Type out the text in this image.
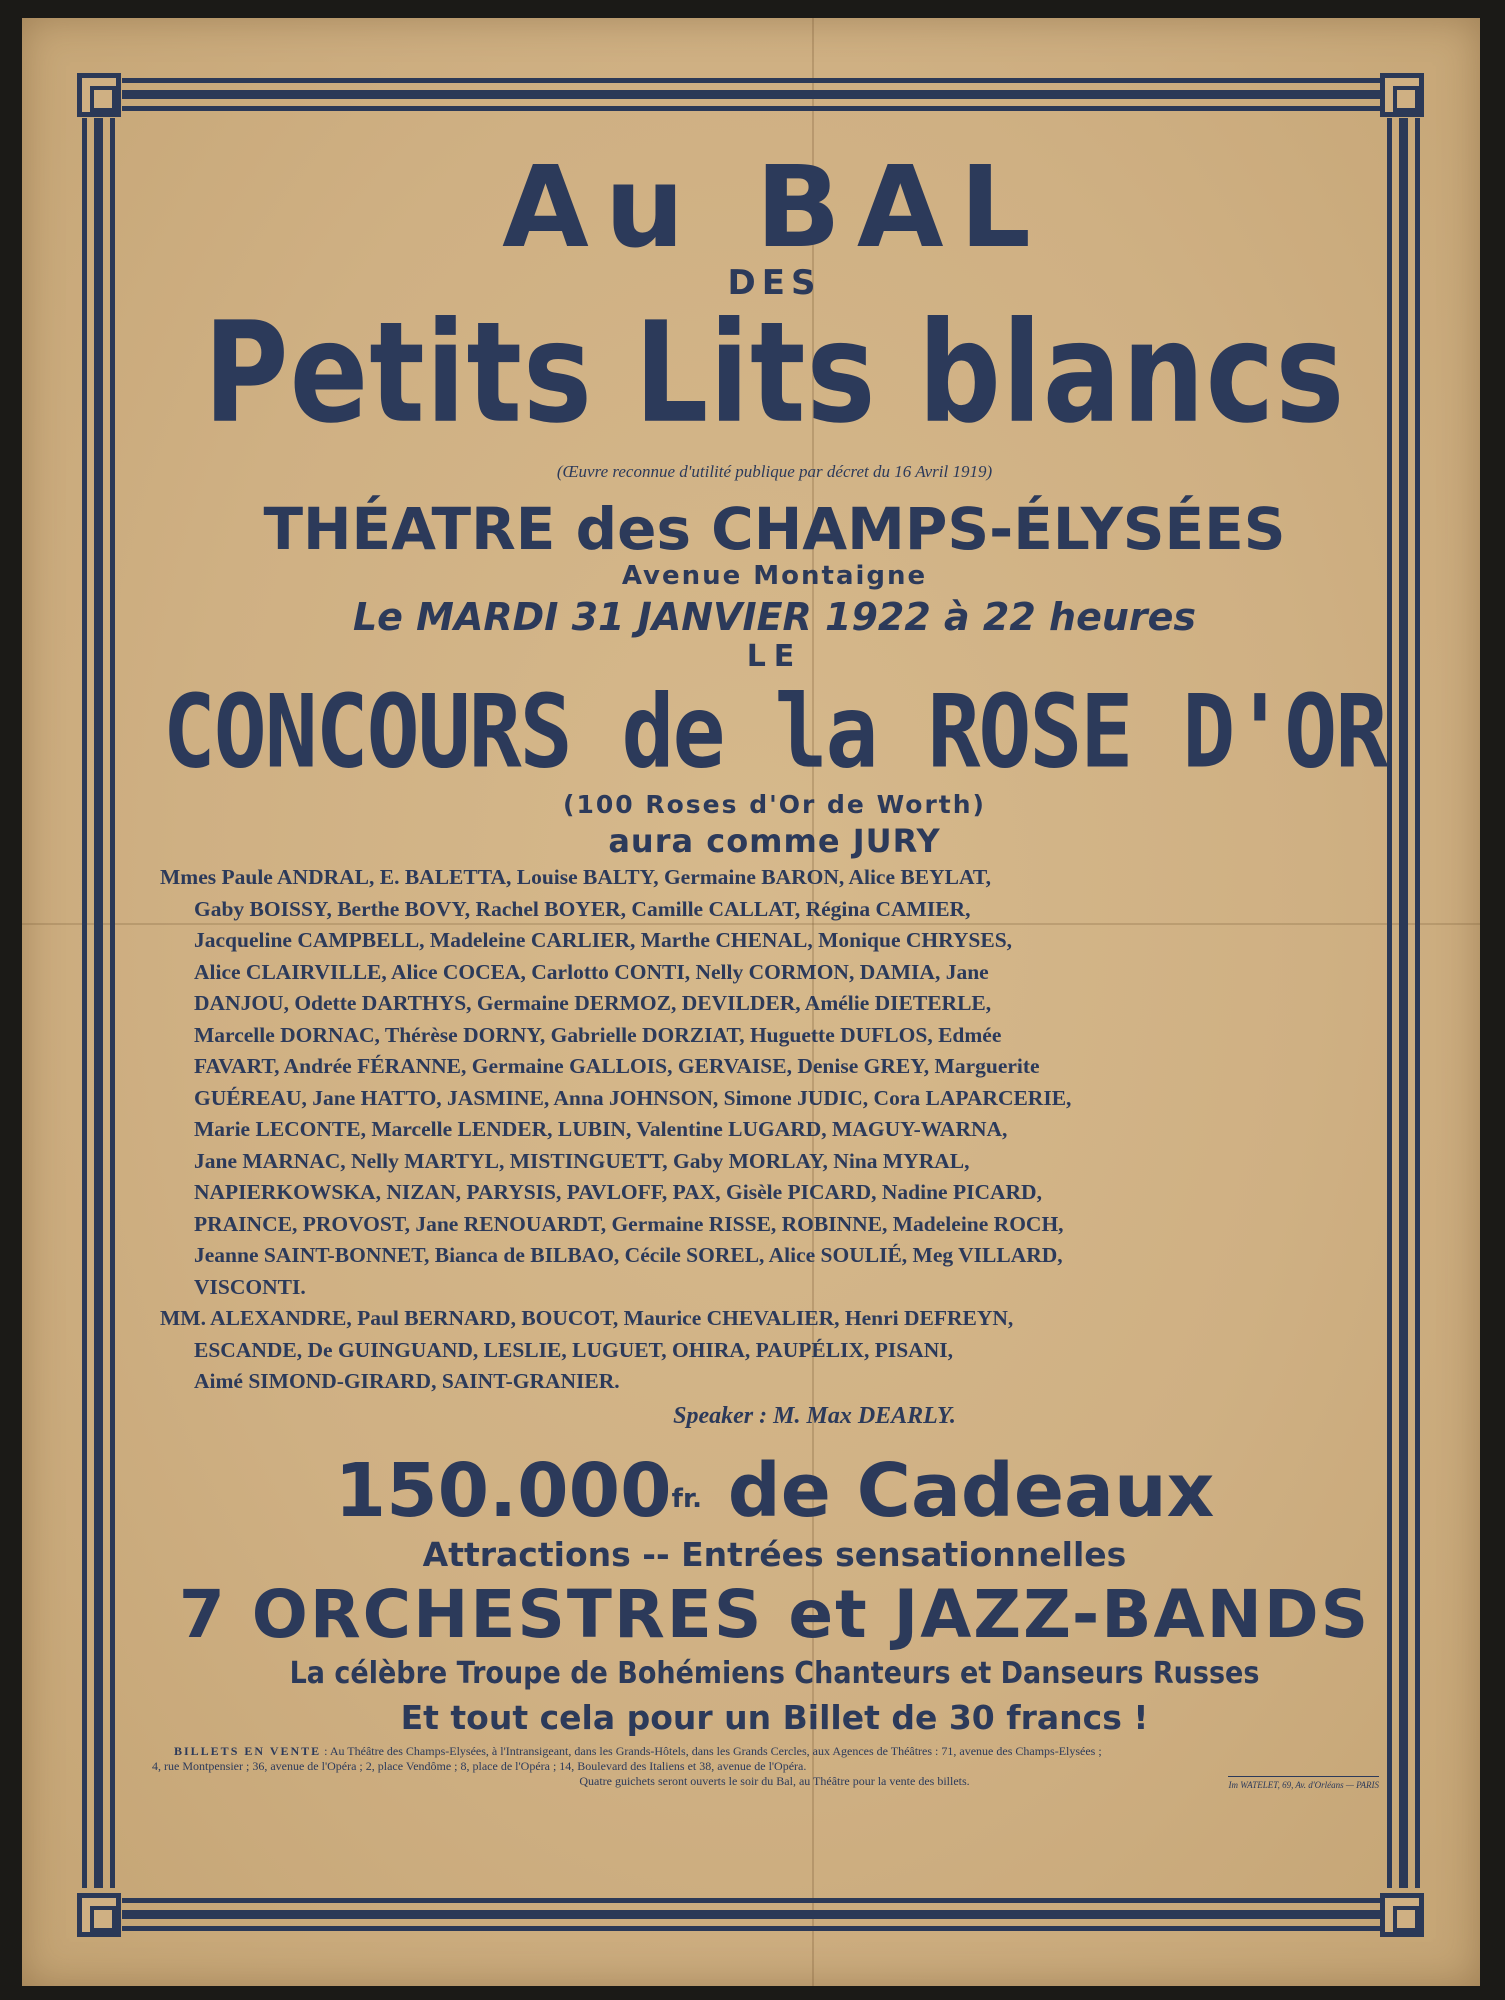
Au BAL
DES
Petits Lits blancs
(Œuvre reconnue d'utilité publique par décret du 16 Avril 1919)
THÉATRE des CHAMPS-ÉLYSÉES
Avenue Montaigne
Le MARDI 31 JANVIER 1922 à 22 heures
LE
CONCOURS de la ROSE D'OR
(100 Roses d'Or de Worth)
aura comme JURY
Mmes Paule ANDRAL, E. BALETTA, Louise BALTY, Germaine BARON, Alice BEYLAT,
Gaby BOISSY, Berthe BOVY, Rachel BOYER, Camille CALLAT, Régina CAMIER,
Jacqueline CAMPBELL, Madeleine CARLIER, Marthe CHENAL, Monique CHRYSES,
Alice CLAIRVILLE, Alice COCEA, Carlotto CONTI, Nelly CORMON, DAMIA, Jane
DANJOU, Odette DARTHYS, Germaine DERMOZ, DEVILDER, Amélie DIETERLE,
Marcelle DORNAC, Thérèse DORNY, Gabrielle DORZIAT, Huguette DUFLOS, Edmée
FAVART, Andrée FÉRANNE, Germaine GALLOIS, GERVAISE, Denise GREY, Marguerite
GUÉREAU, Jane HATTO, JASMINE, Anna JOHNSON, Simone JUDIC, Cora LAPARCERIE,
Marie LECONTE, Marcelle LENDER, LUBIN, Valentine LUGARD, MAGUY-WARNA,
Jane MARNAC, Nelly MARTYL, MISTINGUETT, Gaby MORLAY, Nina MYRAL,
NAPIERKOWSKA, NIZAN, PARYSIS, PAVLOFF, PAX, Gisèle PICARD, Nadine PICARD,
PRAINCE, PROVOST, Jane RENOUARDT, Germaine RISSE, ROBINNE, Madeleine ROCH,
Jeanne SAINT-BONNET, Bianca de BILBAO, Cécile SOREL, Alice SOULIÉ, Meg VILLARD,
VISCONTI.
MM. ALEXANDRE, Paul BERNARD, BOUCOT, Maurice CHEVALIER, Henri DEFREYN,
ESCANDE, De GUINGUAND, LESLIE, LUGUET, OHIRA, PAUPÉLIX, PISANI,
Aimé SIMOND-GIRARD, SAINT-GRANIER.
Speaker : M. Max DEARLY.
$150.000^{fr.}$ de Cadeaux
Attractions -- Entrées sensationnelles
7 ORCHESTRES et JAZZ-BANDS
La célèbre Troupe de Bohémiens Chanteurs et Danseurs Russes
Et tout cela pour un Billet de 30 francs !
BILLETS EN VENTE : Au Théâtre des Champs-Elysées, à l'Intransigeant, dans les Grands-Hôtels, dans les Grands Cercles, aux Agences de Théâtres : 71, avenue des Champs-Elysées ;
4, rue Montpensier ; 36, avenue de l'Opéra ; 2, place Vendôme ; 8, place de l'Opéra ; 14, Boulevard des Italiens et 38, avenue de l'Opéra.
Quatre guichets seront ouverts le soir du Bal, au Théâtre pour la vente des billets.	Im WATELET, 69, Av. d'Orléans — PARIS
